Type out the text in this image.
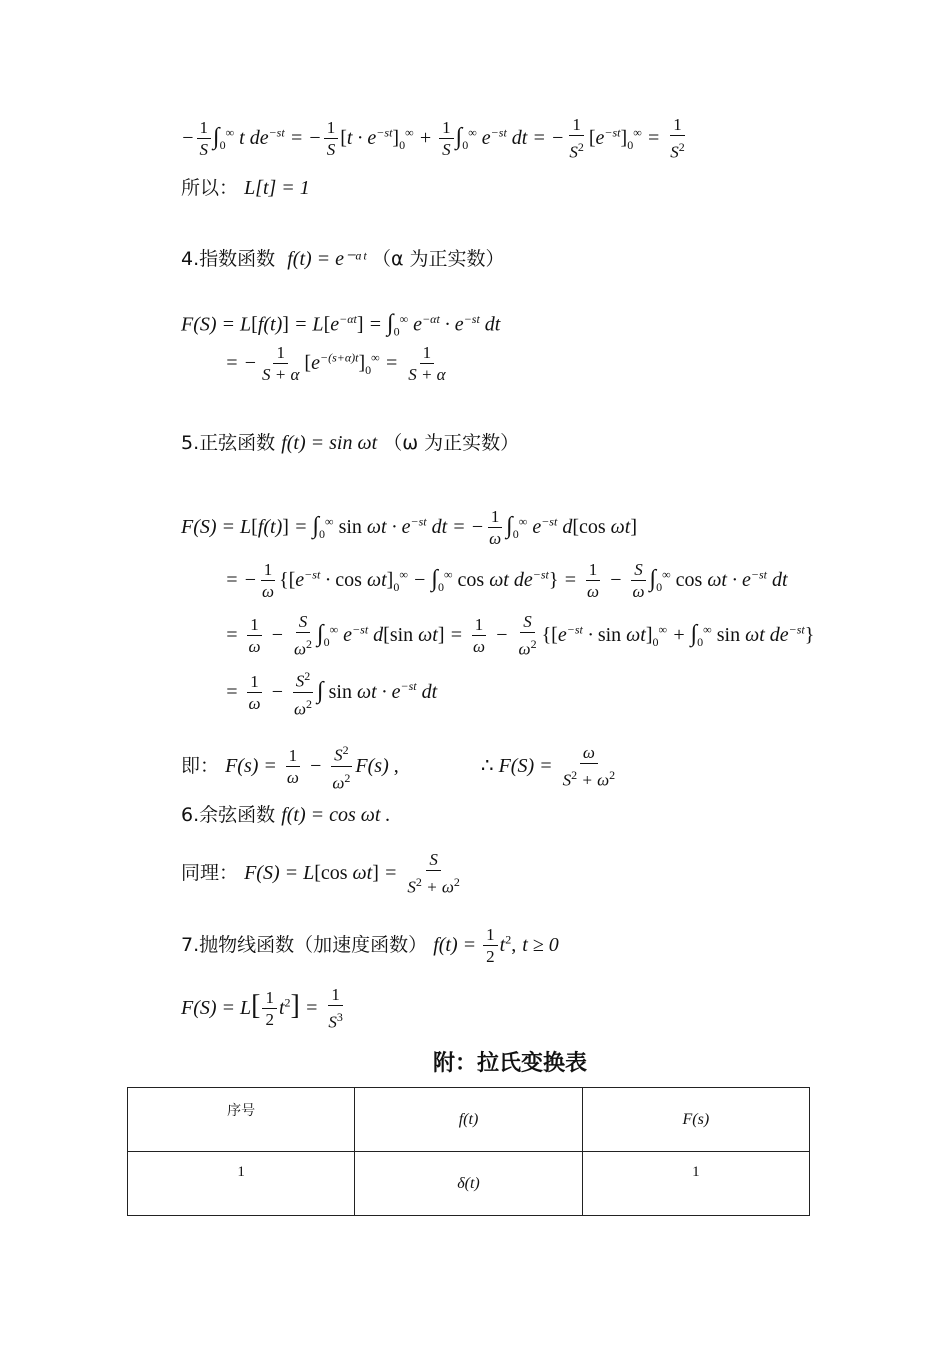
− $\frac{1}{S} \int_0^\infty$ t $de^{-st}$ = − $\frac{1}{S} [t \cdot e^{-st}]_0^\infty + \frac{1}{S} \int_0^\infty$ $e^{-st}$ dt = − $\frac{1}{S^2} [e^{-st}]_0^\infty = \frac{1}{S^2}$
所以： L[t] = 1
4.指数函数 f(t) = e⁻ᵅᵗ （α 为正实数）
$F(S) = L[f(t)] = L[e^{-\alpha t}] = \int_0^\infty$ $e^{-\alpha t} \cdot e^{-st}$ dt
= − $\frac{1}{S + \alpha} [e^{-(s+\alpha)t}]_0^\infty = \frac{1}{S + \alpha}$
5.正弦函数 f(t) = sin ωt （ω 为正实数）
$F(S) = L[f(t)] = \int_0^\infty$ $\sin \omega t \cdot e^{-st}$ dt = − $\frac{1}{\omega} \int_0^\infty$ $e^{-st}$ d[cos ωt]
= − $\frac{1}{\omega} \{[e^{-st} \cdot \cos \omega t]_0^\infty - \int_0^\infty$ cos ωt $de^{-st}\} = \frac{1}{\omega} - \frac{S}{\omega} \int_0^\infty$ $\cos \omega t \cdot e^{-st}$ dt
= $\frac{1}{\omega} - \frac{S}{\omega^2} \int_0^\infty$ $e^{-st}$ d[sin $\omega t] = \frac{1}{\omega} - \frac{S}{\omega^2} \{[e^{-st} \cdot \sin \omega t]_0^\infty + \int_0^\infty$ sin ωt $de^{-st}$}
= $\frac{1}{\omega} - \frac{S^2}{\omega^2}$ ∫ $\sin \omega t \cdot e^{-st}$ dt
即： $F(s) = \frac{1}{\omega} - \frac{S^2}{\omega^2} F(s)$ ,	∴ $F(S) = \frac{\omega}{S^2 + \omega^2}$
6.余弦函数 f(t) = cos ωt .
同理： F(S) = L[cos $\omega t] = \frac{S}{S^2 + \omega^2}$
7.抛物线函数（加速度函数） $f(t) = \frac{1}{2} t^2$, t ≥ 0
$F(S) = L[ \frac{1}{2} t^2] = \frac{1}{S^3}$
附：拉氏变换表
序号	f(t)	F(s)
1	δ(t)	1
